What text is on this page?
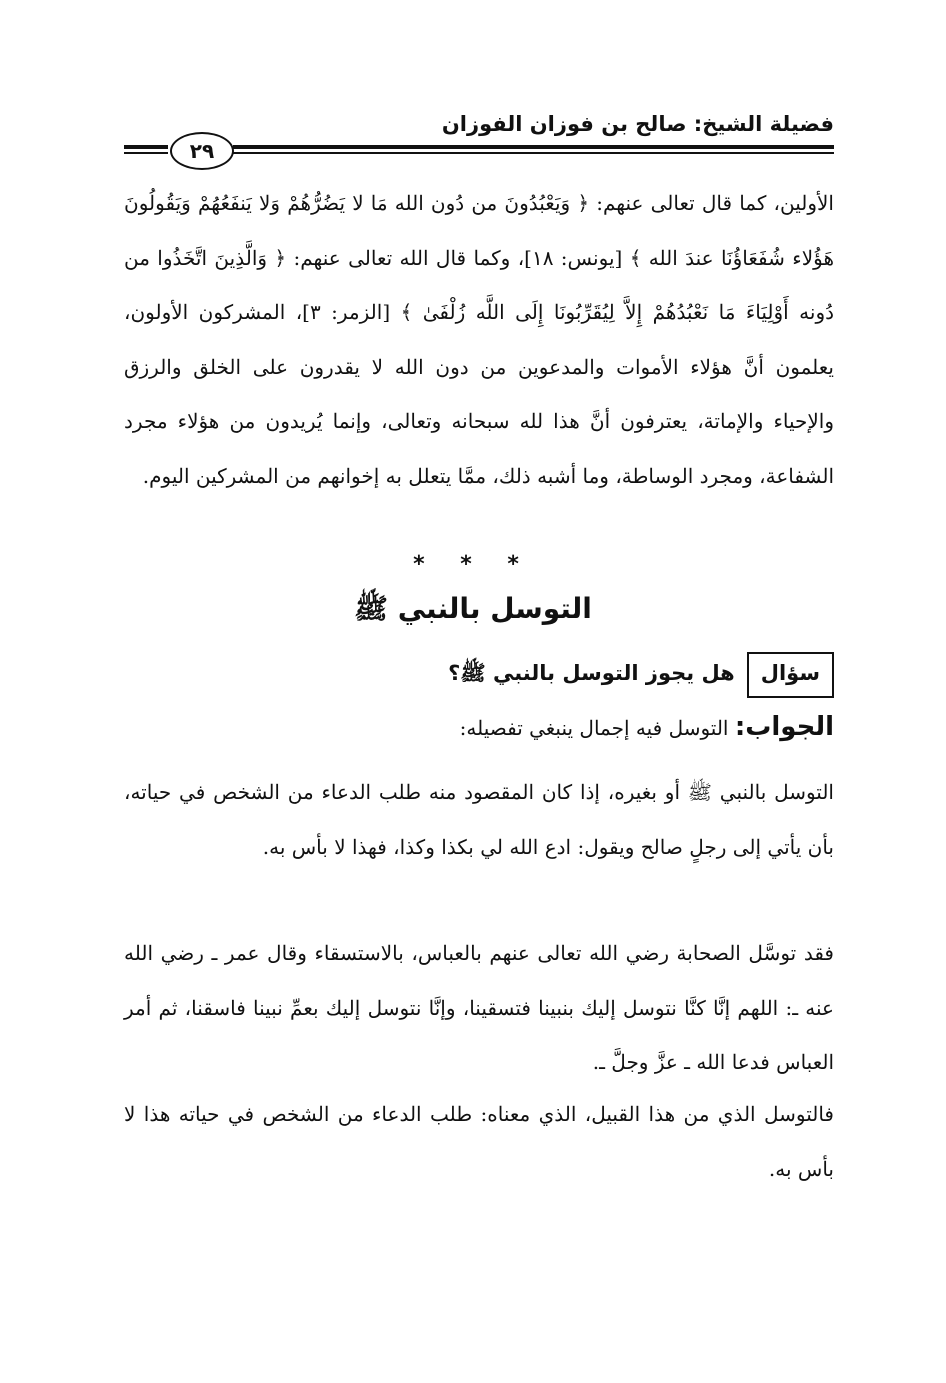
فضيلة الشيخ: صالح بن فوزان الفوزان
٢٩
الأولين، كما قال تعالى عنهم: ﴿ وَيَعْبُدُونَ من دُون الله مَا لا يَضُرُّهُمْ وَلا يَنفَعُهُمْ وَيَقُولُونَ هَؤُلاء شُفَعَاؤُنَا عندَ الله ﴾ [يونس: ١٨]، وكما قال الله تعالى عنهم: ﴿ وَالَّذِينَ اتَّخَذُوا من دُونه أَوْلِيَاءَ مَا نَعْبُدُهُمْ إِلاَّ لِيُقَرِّبُونَا إِلَى اللَّه زُلْفَىٰ ﴾ [الزمر: ٣]، المشركون الأولون، يعلمون أنَّ هؤلاء الأموات والمدعوين من دون الله لا يقدرون على الخلق والرزق والإحياء والإماتة، يعترفون أنَّ هذا لله سبحانه وتعالى، وإنما يُريدون من هؤلاء مجرد الشفاعة، ومجرد الوساطة، وما أشبه ذلك، ممَّا يتعلل به إخوانهم من المشركين اليوم.
* * *
التوسل بالنبي ﷺ
سؤال
هل يجوز التوسل بالنبي ﷺ؟
الجواب: التوسل فيه إجمال ينبغي تفصيله:
التوسل بالنبي ﷺ أو بغيره، إذا كان المقصود منه طلب الدعاء من الشخص في حياته، بأن يأتي إلى رجلٍ صالح ويقول: ادع الله لي بكذا وكذا، فهذا لا بأس به.
فقد توسَّل الصحابة رضي الله تعالى عنهم بالعباس، بالاستسقاء وقال عمر ـ رضي الله عنه ـ: اللهم إنَّا كنَّا نتوسل إليك بنبينا فتسقينا، وإنَّا نتوسل إليك بعمِّ نبينا فاسقنا، ثم أمر العباس فدعا الله ـ عزَّ وجلَّ ـ.
فالتوسل الذي من هذا القبيل، الذي معناه: طلب الدعاء من الشخص في حياته هذا لا بأس به.
